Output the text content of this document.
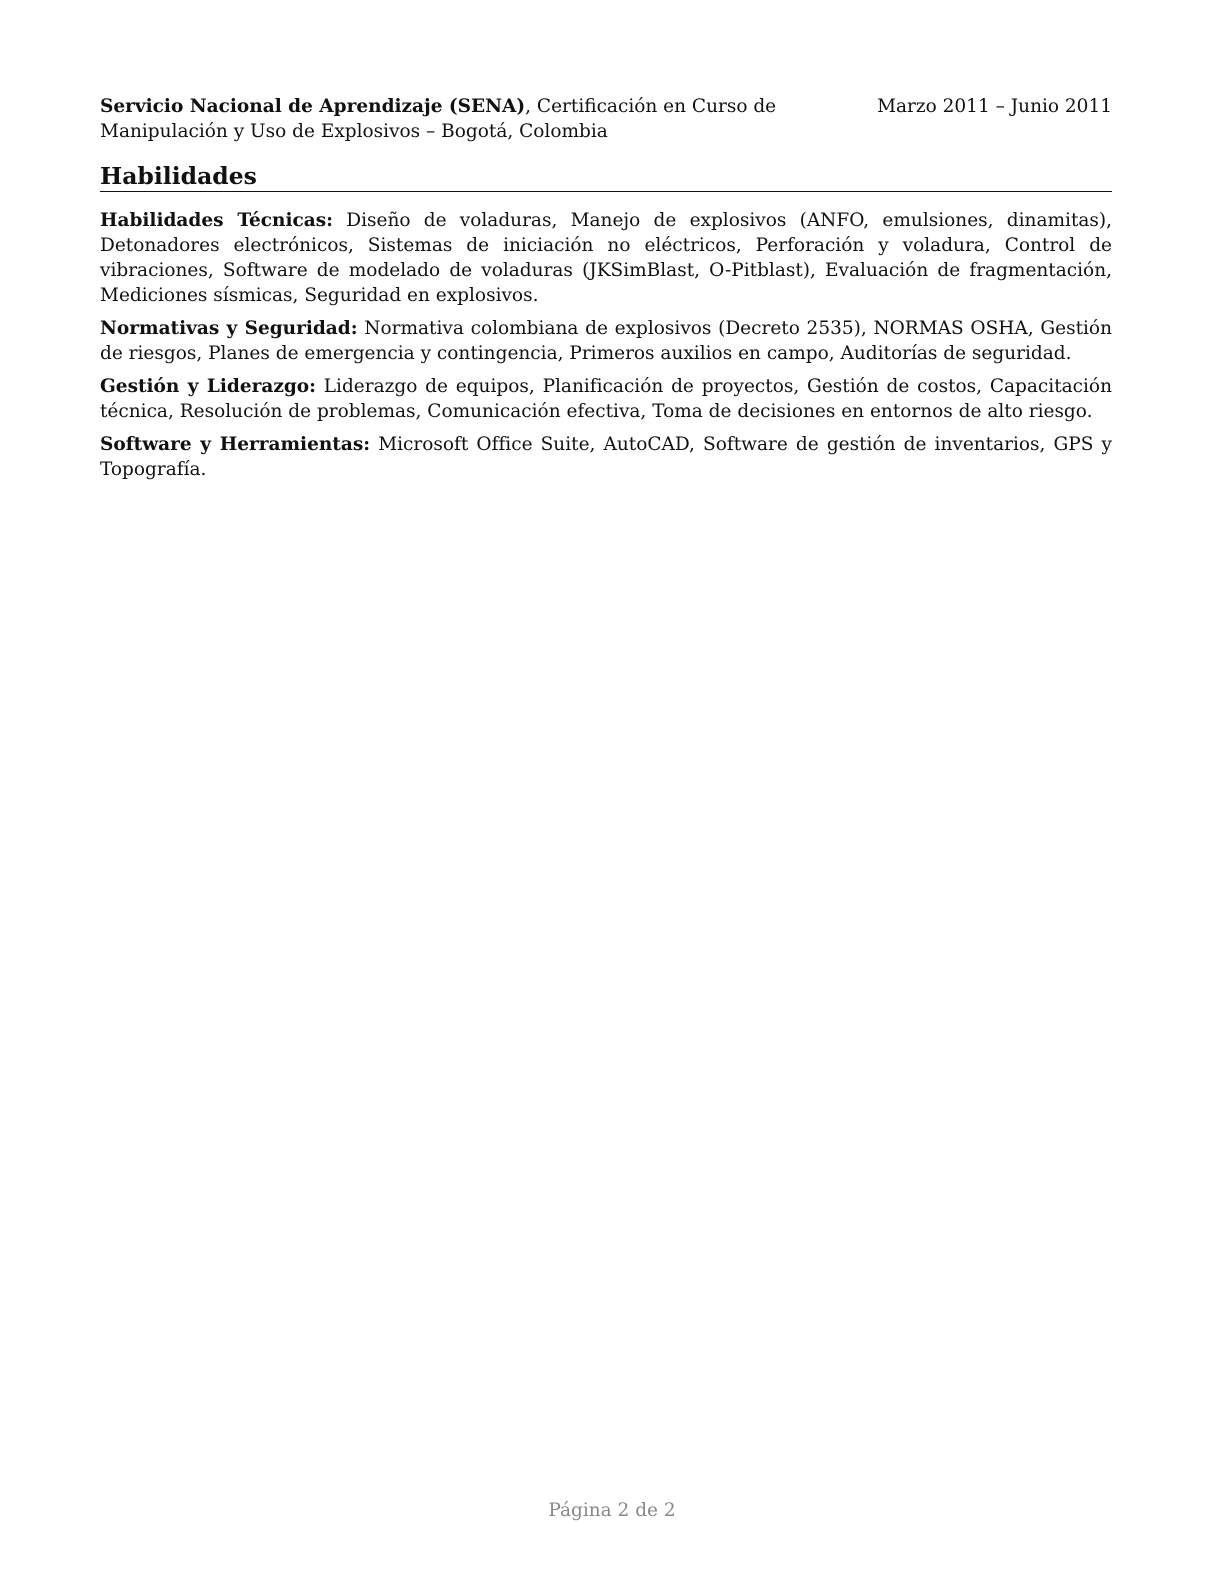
Servicio Nacional de Aprendizaje (SENA), Certificación en Curso de Manipulación y Uso de Explosivos – Bogotá, Colombia
Marzo 2011 – Junio 2011
Habilidades

Habilidades Técnicas: Diseño de voladuras, Manejo de explosivos (ANFO, emulsiones, dinamitas), Detonadores electrónicos, Sistemas de iniciación no eléctricos, Perforación y voladura, Control de vibraciones, Software de modelado de voladuras (JKSimBlast, O-Pitblast), Evaluación de fragmentación, Mediciones sísmicas, Seguridad en explosivos.

Normativas y Seguridad: Normativa colombiana de explosivos (Decreto 2535), NORMAS OSHA, Gestión de riesgos, Planes de emergencia y contingencia, Primeros auxilios en campo, Auditorías de seguridad.

Gestión y Liderazgo: Liderazgo de equipos, Planificación de proyectos, Gestión de costos, Capacitación técnica, Resolución de problemas, Comunicación efectiva, Toma de decisiones en entornos de alto riesgo.

Software y Herramientas: Microsoft Office Suite, AutoCAD, Software de gestión de inventarios, GPS y Topografía.

Página 2 de 2
